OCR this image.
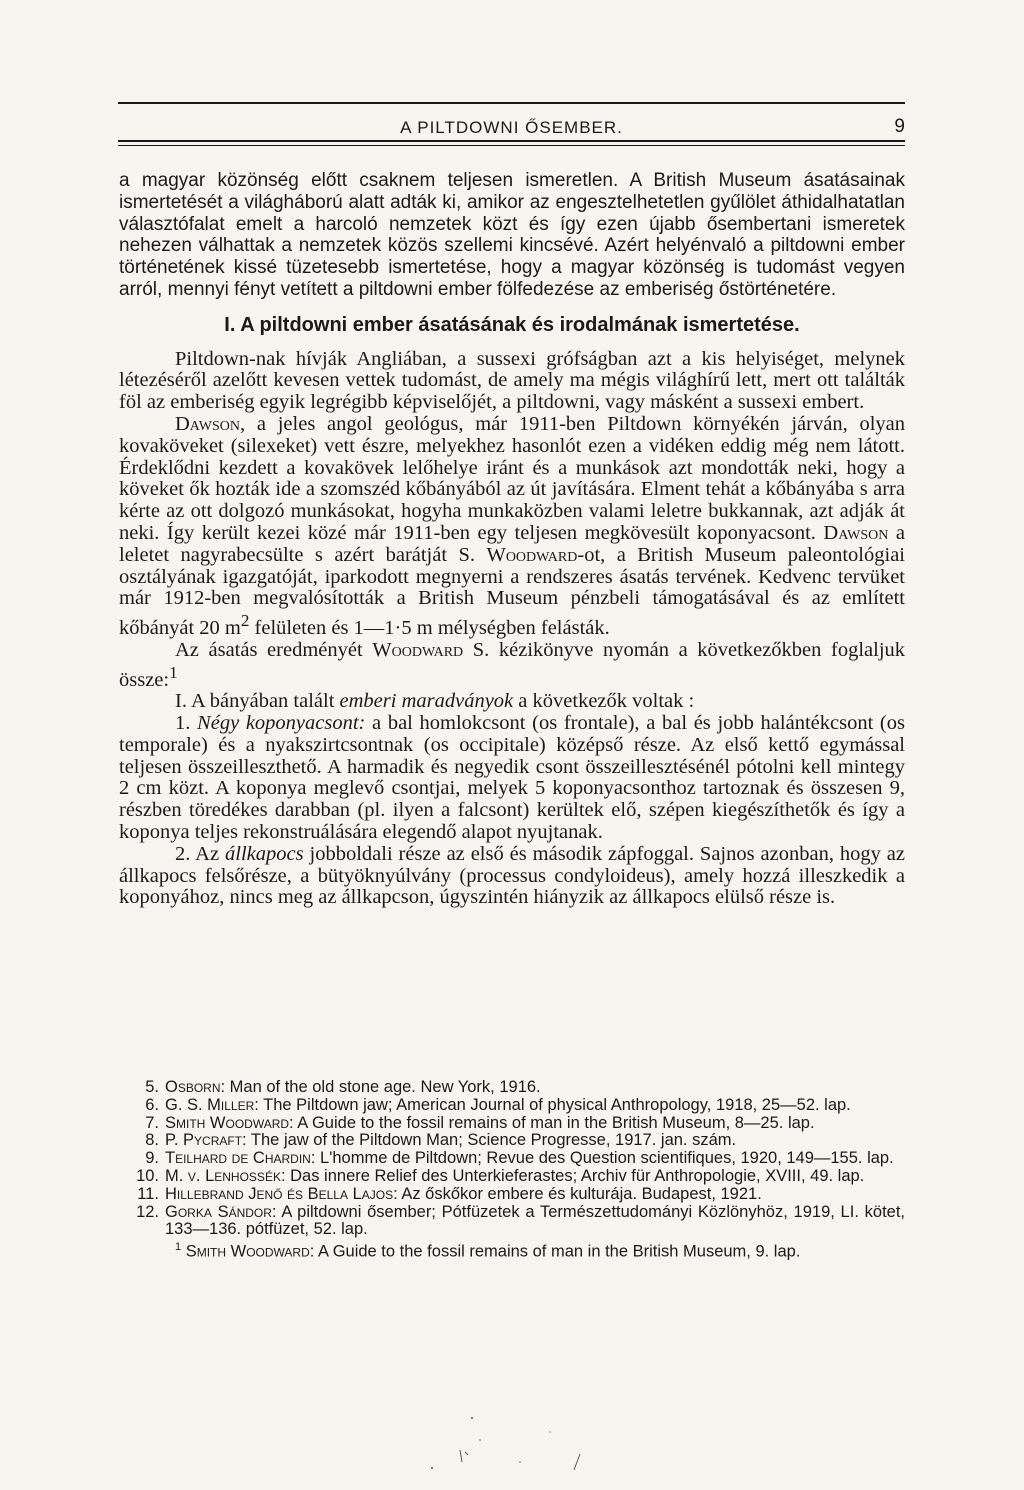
A PILTDOWNI ŐSEMBER.	9

a magyar közönség előtt csaknem teljesen ismeretlen. A British Museum ásatásainak ismertetését a világháború alatt adták ki, amikor az engesztelhetetlen gyűlölet áthidalhatatlan választófalat emelt a harcoló nemzetek közt és így ezen újabb ősembertani ismeretek nehezen válhattak a nemzetek közös szellemi kincsévé. Azért helyénvaló a piltdowni ember történetének kissé tüzetesebb ismertetése, hogy a magyar közönség is tudomást vegyen arról, mennyi fényt vetített a piltdowni ember fölfedezése az emberiség őstörténetére.

I. A piltdowni ember ásatásának és irodalmának ismertetése.

Piltdown-nak hívják Angliában, a sussexi grófságban azt a kis helyiséget, melynek létezéséről azelőtt kevesen vettek tudomást, de amely ma mégis világhírű lett, mert ott találták föl az emberiség egyik legrégibb képviselőjét, a piltdowni, vagy másként a sussexi embert.

Dawson, a jeles angol geológus, már 1911-ben Piltdown környékén járván, olyan kovaköveket (silexeket) vett észre, melyekhez hasonlót ezen a vidéken eddig még nem látott. Érdeklődni kezdett a kovakövek lelőhelye iránt és a munkások azt mondották neki, hogy a köveket ők hozták ide a szomszéd kőbányából az út javítására. Elment tehát a kőbányába s arra kérte az ott dolgozó munkásokat, hogyha munkaközben valami leletre bukkannak, azt adják át neki. Így került kezei közé már 1911-ben egy teljesen megkövesült koponyacsont. Dawson a leletet nagyrabecsülte s azért barátját S. Woodward-ot, a British Museum paleontológiai osztályának igazgatóját, iparkodott megnyerni a rendszeres ásatás tervének. Kedvenc tervüket már 1912-ben megvalósították a British Museum pénzbeli támogatásával és az említett kőbányát 20 $m^2$ felületen és 1—1·5 m mélységben felásták.

Az ásatás eredményét Woodward S. kézikönyve nyomán a következőkben foglaljuk össze:$^1$

I. A bányában talált emberi maradványok a következők voltak :

1. Négy koponyacsont: a bal homlokcsont (os frontale), a bal és jobb halántékcsont (os temporale) és a nyakszirtcsontnak (os occipitale) középső része. Az első kettő egymással teljesen összeilleszthető. A harmadik és negyedik csont összeillesztésénél pótolni kell mintegy 2 cm közt. A koponya meglevő csontjai, melyek 5 koponyacsonthoz tartoznak és összesen 9, részben töredékes darabban (pl. ilyen a falcsont) kerültek elő, szépen kiegészíthetők és így a koponya teljes rekonstruálására elegendő alapot nyujtanak.

2. Az állkapocs jobboldali része az első és második zápfoggal. Sajnos azonban, hogy az állkapocs felsőrésze, a bütyöknyúlvány (processus condyloideus), amely hozzá illeszkedik a koponyához, nincs meg az állkapcson, úgyszintén hiányzik az állkapocs elülső része is.

5. Osborn: Man of the old stone age. New York, 1916.
6. G. S. Miller: The Piltdown jaw; American Journal of physical Anthropology, 1918, 25—52. lap.
7. Smith Woodward: A Guide to the fossil remains of man in the British Museum, 8—25. lap.
8. P. Pycraft: The jaw of the Piltdown Man; Science Progresse, 1917. jan. szám.
9. Teilhard de Chardin: L'homme de Piltdown; Revue des Question scientifiques, 1920, 149—155. lap.
10. M. v. Lenhossék: Das innere Relief des Unterkieferastes; Archiv für Anthropologie, XVIII, 49. lap.
11. Hillebrand Jenő és Bella Lajos: Az őskőkor embere és kulturája. Budapest, 1921.
12. Gorka Sándor: A piltdowni ősember; Pótfüzetek a Természettudományi Közlönyhöz, 1919, LI. kötet, 133—136. pótfüzet, 52. lap.
$^1$ Smith Woodward: A Guide to the fossil remains of man in the British Museum, 9. lap.
